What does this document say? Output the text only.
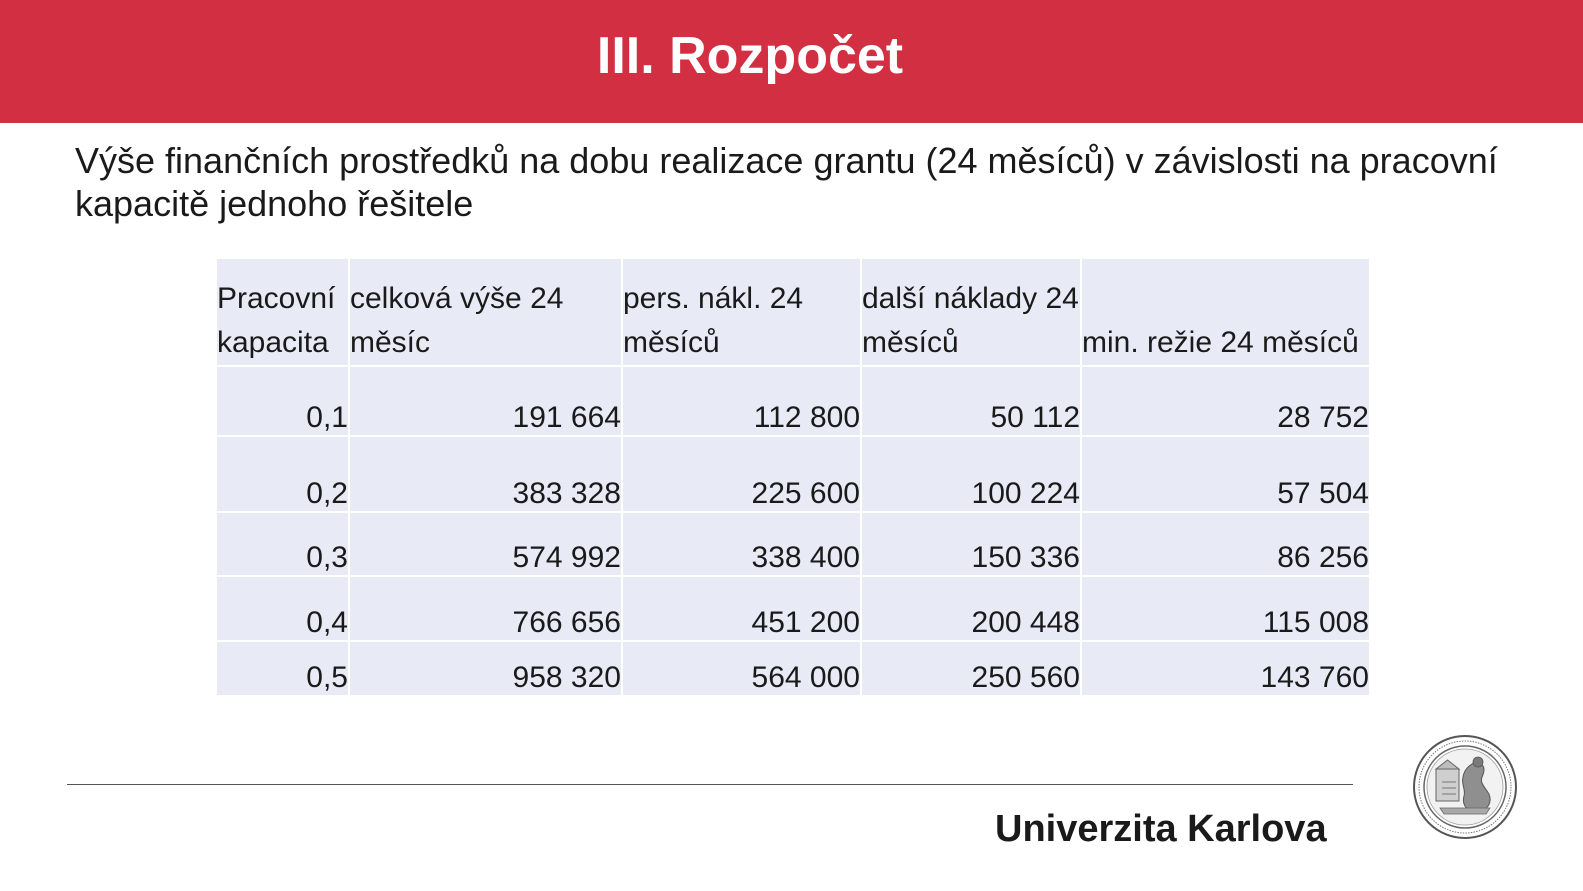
III. Rozpočet
Výše finančních prostředků na dobu realizace grantu (24 měsíců) v závislosti na pracovní kapacitě jednoho řešitele
Pracovní kapacita	celková výše 24 měsíc	pers. nákl. 24 měsíců	další náklady 24 měsíců	min. režie 24 měsíců
0,1	191 664	112 800	50 112	28 752
0,2	383 328	225 600	100 224	57 504
0,3	574 992	338 400	150 336	86 256
0,4	766 656	451 200	200 448	115 008
0,5	958 320	564 000	250 560	143 760
Univerzita Karlova
